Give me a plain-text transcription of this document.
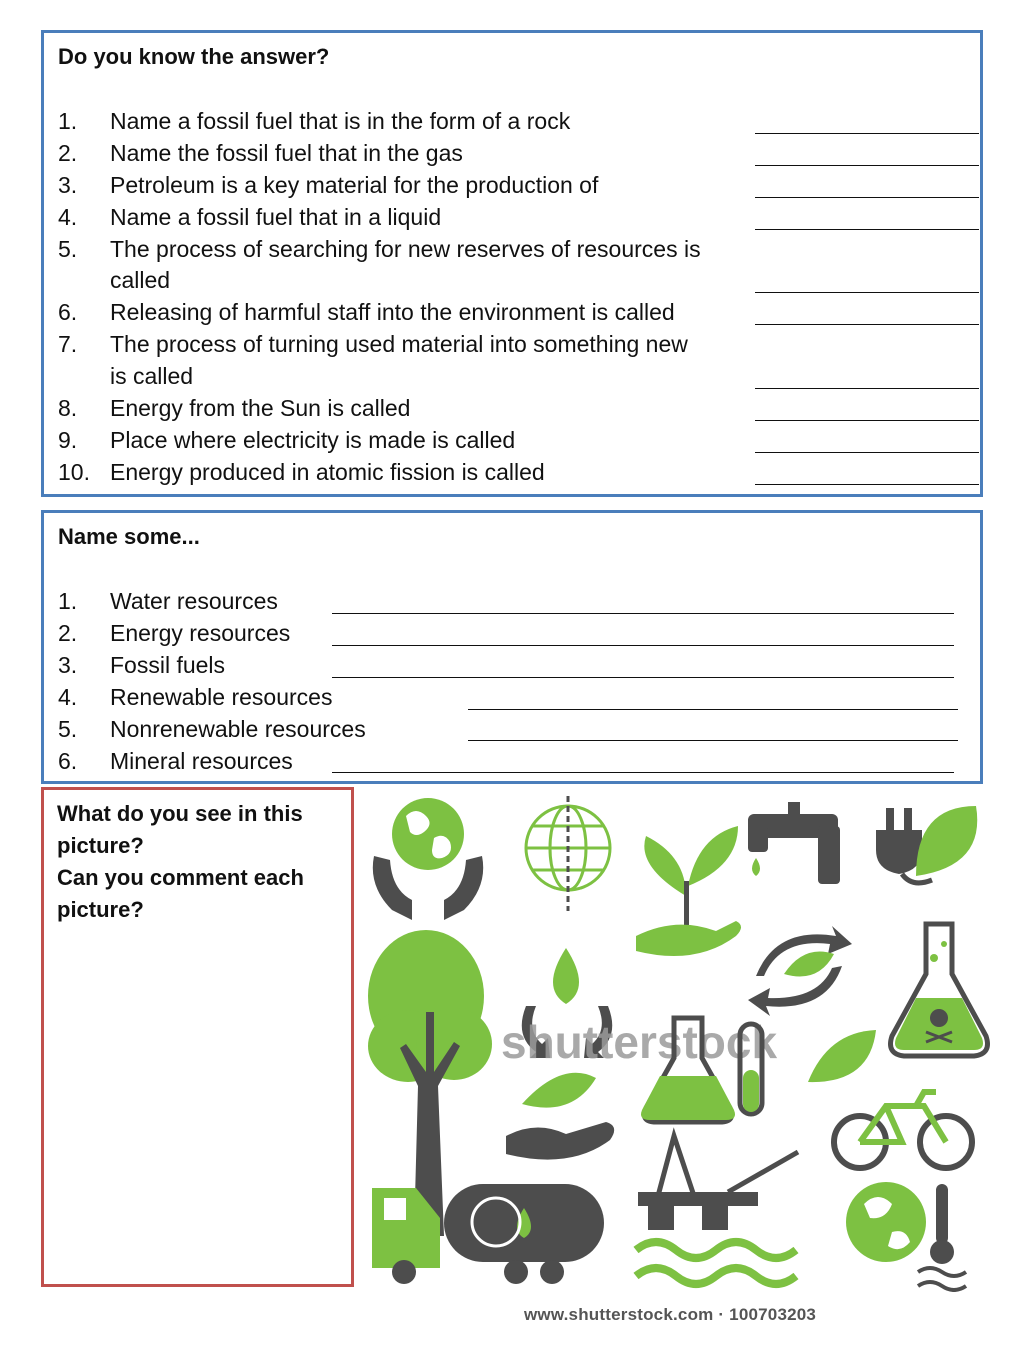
Do you know the answer?
1. Name a fossil fuel that is in the form of a rock
2. Name the fossil fuel that in the gas
3. Petroleum is a key material for the production of
4. Name a fossil fuel that in a liquid
5. The process of searching for new reserves of resources is
called
6. Releasing of harmful staff into the environment is called
7. The process of turning used material into something new
is called
8. Energy from the Sun is called
9. Place where electricity is made is called
10. Energy produced in atomic fission is called
Name some...
1. Water resources
2. Energy resources
3. Fossil fuels
4. Renewable resources
5. Nonrenewable resources
6. Mineral resources
What do you see in this
picture?
Can you comment each
picture?
shutterstock
www.shutterstock.com · 100703203
